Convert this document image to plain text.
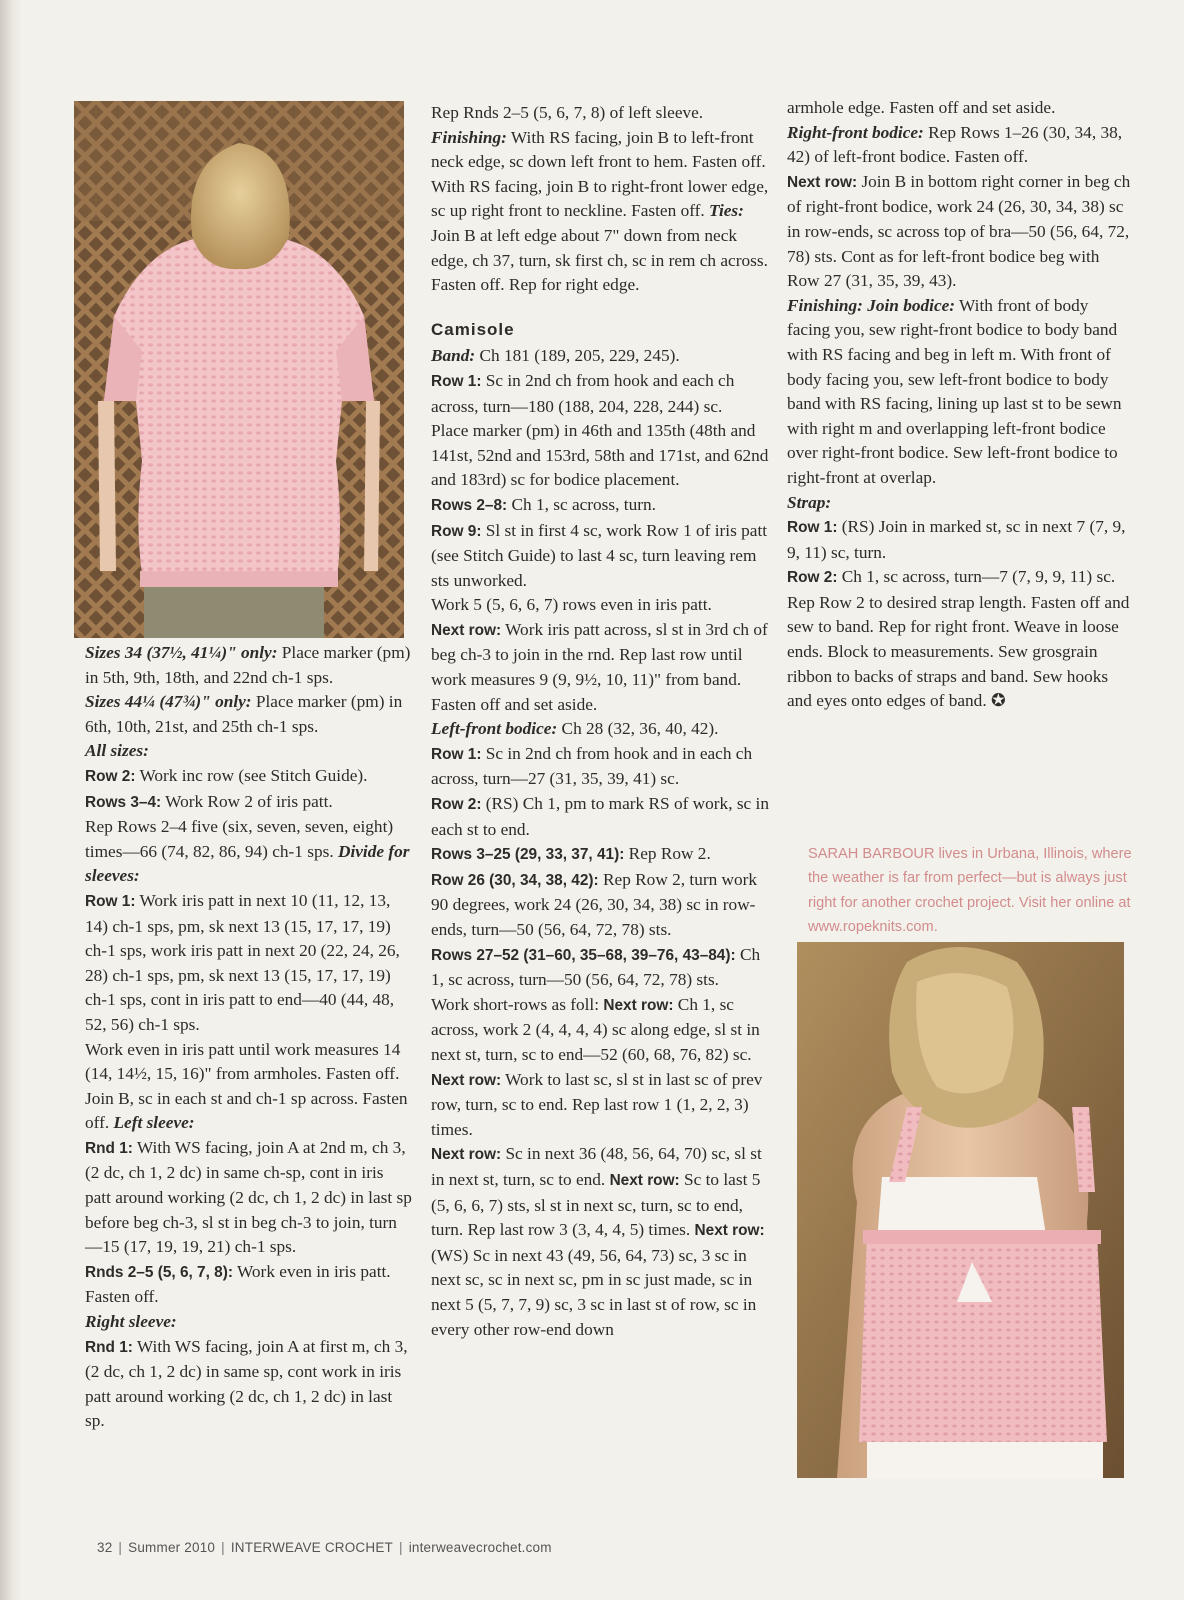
Sizes 34 (37½, 41¼)" only: Place marker (pm) in 5th, 9th, 18th, and 22nd ch-1 sps.

Sizes 44¼ (47¾)" only: Place marker (pm) in 6th, 10th, 21st, and 25th ch-1 sps.

All sizes:

Row 2: Work inc row (see Stitch Guide).

Rows 3–4: Work Row 2 of iris patt.

Rep Rows 2–4 five (six, seven, seven, eight) times—66 (74, 82, 86, 94) ch-1 sps. Divide for sleeves:

Row 1: Work iris patt in next 10 (11, 12, 13, 14) ch-1 sps, pm, sk next 13 (15, 17, 17, 19) ch-1 sps, work iris patt in next 20 (22, 24, 26, 28) ch-1 sps, pm, sk next 13 (15, 17, 17, 19) ch-1 sps, cont in iris patt to end—40 (44, 48, 52, 56) ch-1 sps.

Work even in iris patt until work measures 14 (14, 14½, 15, 16)" from armholes. Fasten off. Join B, sc in each st and ch-1 sp across. Fasten off. Left sleeve:

Rnd 1: With WS facing, join A at 2nd m, ch 3, (2 dc, ch 1, 2 dc) in same ch-sp, cont in iris patt around working (2 dc, ch 1, 2 dc) in last sp before beg ch-3, sl st in beg ch-3 to join, turn—15 (17, 19, 19, 21) ch-1 sps.

Rnds 2–5 (5, 6, 7, 8): Work even in iris patt. Fasten off.

Right sleeve:

Rnd 1: With WS facing, join A at first m, ch 3, (2 dc, ch 1, 2 dc) in same sp, cont work in iris patt around working (2 dc, ch 1, 2 dc) in last sp.

Rep Rnds 2–5 (5, 6, 7, 8) of left sleeve. Finishing: With RS facing, join B to left-front neck edge, sc down left front to hem. Fasten off. With RS facing, join B to right-front lower edge, sc up right front to neckline. Fasten off. Ties: Join B at left edge about 7" down from neck edge, ch 37, turn, sk first ch, sc in rem ch across. Fasten off. Rep for right edge.

Camisole

Band: Ch 181 (189, 205, 229, 245).

Row 1: Sc in 2nd ch from hook and each ch across, turn—180 (188, 204, 228, 244) sc.

Place marker (pm) in 46th and 135th (48th and 141st, 52nd and 153rd, 58th and 171st, and 62nd and 183rd) sc for bodice placement.

Rows 2–8: Ch 1, sc across, turn.

Row 9: Sl st in first 4 sc, work Row 1 of iris patt (see Stitch Guide) to last 4 sc, turn leaving rem sts unworked.

Work 5 (5, 6, 6, 7) rows even in iris patt.

Next row: Work iris patt across, sl st in 3rd ch of beg ch-3 to join in the rnd. Rep last row until work measures 9 (9, 9½, 10, 11)" from band. Fasten off and set aside.

Left-front bodice: Ch 28 (32, 36, 40, 42).

Row 1: Sc in 2nd ch from hook and in each ch across, turn—27 (31, 35, 39, 41) sc.

Row 2: (RS) Ch 1, pm to mark RS of work, sc in each st to end.

Rows 3–25 (29, 33, 37, 41): Rep Row 2.

Row 26 (30, 34, 38, 42): Rep Row 2, turn work 90 degrees, work 24 (26, 30, 34, 38) sc in row-ends, turn—50 (56, 64, 72, 78) sts.

Rows 27–52 (31–60, 35–68, 39–76, 43–84): Ch 1, sc across, turn—50 (56, 64, 72, 78) sts.

Work short-rows as foll: Next row: Ch 1, sc across, work 2 (4, 4, 4, 4) sc along edge, sl st in next st, turn, sc to end—52 (60, 68, 76, 82) sc. Next row: Work to last sc, sl st in last sc of prev row, turn, sc to end. Rep last row 1 (1, 2, 2, 3) times.

Next row: Sc in next 36 (48, 56, 64, 70) sc, sl st in next st, turn, sc to end. Next row: Sc to last 5 (5, 6, 6, 7) sts, sl st in next sc, turn, sc to end, turn. Rep last row 3 (3, 4, 4, 5) times. Next row: (WS) Sc in next 43 (49, 56, 64, 73) sc, 3 sc in next sc, sc in next sc, pm in sc just made, sc in next 5 (5, 7, 7, 9) sc, 3 sc in last st of row, sc in every other row-end down

armhole edge. Fasten off and set aside.

Right-front bodice: Rep Rows 1–26 (30, 34, 38, 42) of left-front bodice. Fasten off.

Next row: Join B in bottom right corner in beg ch of right-front bodice, work 24 (26, 30, 34, 38) sc in row-ends, sc across top of bra—50 (56, 64, 72, 78) sts. Cont as for left-front bodice beg with Row 27 (31, 35, 39, 43).

Finishing: Join bodice: With front of body facing you, sew right-front bodice to body band with RS facing and beg in left m. With front of body facing you, sew left-front bodice to body band with RS facing, lining up last st to be sewn with right m and overlapping left-front bodice over right-front bodice. Sew left-front bodice to right-front at overlap.

Strap:

Row 1: (RS) Join in marked st, sc in next 7 (7, 9, 9, 11) sc, turn.

Row 2: Ch 1, sc across, turn—7 (7, 9, 9, 11) sc.

Rep Row 2 to desired strap length. Fasten off and sew to band. Rep for right front. Weave in loose ends. Block to measurements. Sew grosgrain ribbon to backs of straps and band. Sew hooks and eyes onto edges of band. ✪

SARAH BARBOUR lives in Urbana, Illinois, where the weather is far from perfect—but is always just right for another crochet project. Visit her online at www.ropeknits.com.
32 | Summer 2010 | INTERWEAVE CROCHET | interweavecrochet.com
